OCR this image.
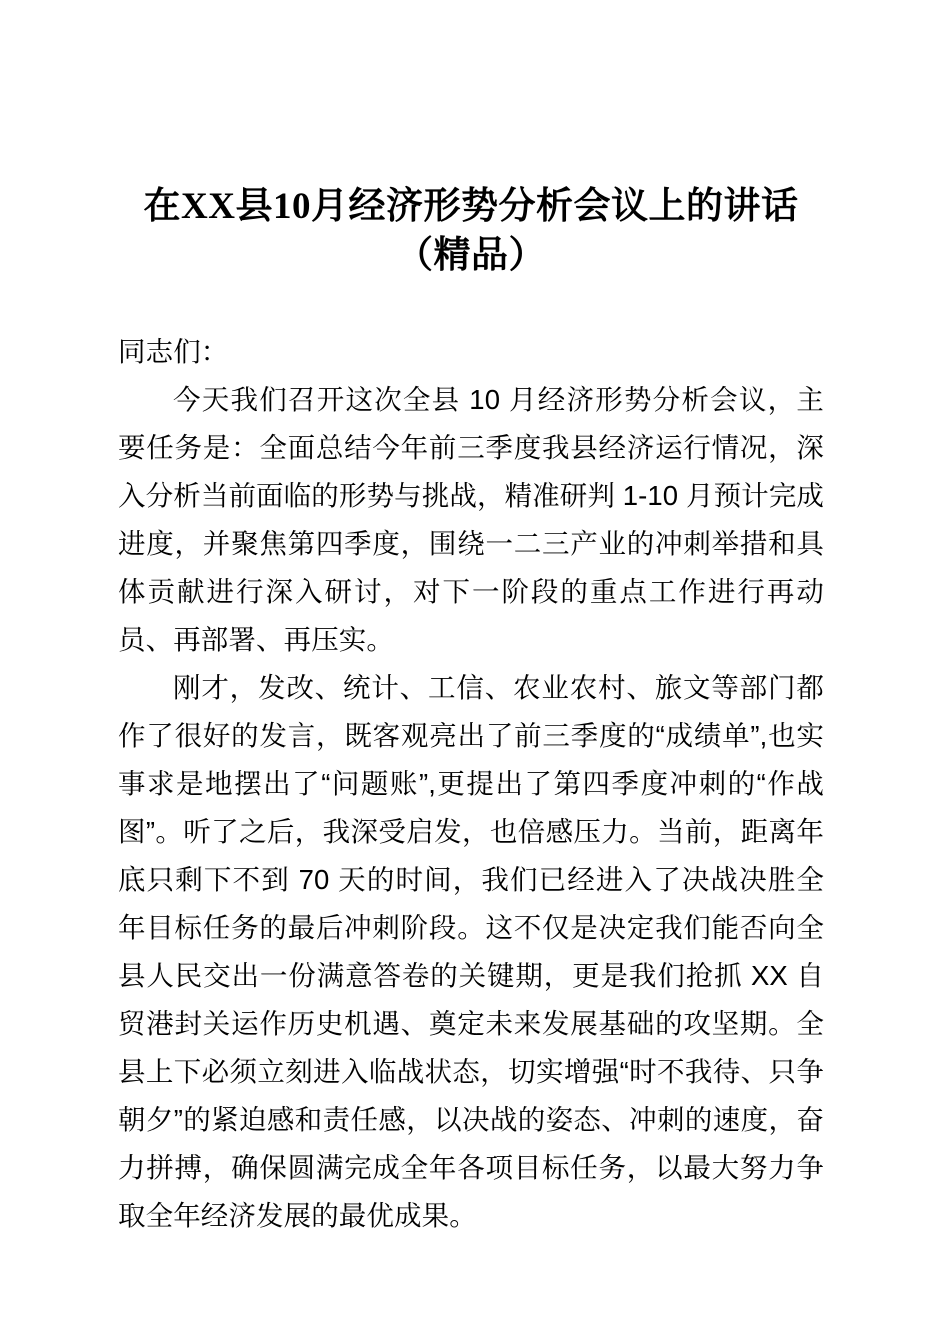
在XX县10月经济形势分析会议上的讲话
（精品）

同志们：

今天我们召开这次全县 10 月经济形势分析会议，主要任务是：全面总结今年前三季度我县经济运行情况，深入分析当前面临的形势与挑战，精准研判 1-10 月预计完成进度，并聚焦第四季度，围绕一二三产业的冲刺举措和具体贡献进行深入研讨，对下一阶段的重点工作进行再动员、再部署、再压实。

刚才，发改、统计、工信、农业农村、旅文等部门都作了很好的发言，既客观亮出了前三季度的“成绩单”,也实事求是地摆出了“问题账”,更提出了第四季度冲刺的“作战图”。听了之后，我深受启发，也倍感压力。当前，距离年底只剩下不到 70 天的时间，我们已经进入了决战决胜全年目标任务的最后冲刺阶段。这不仅是决定我们能否向全县人民交出一份满意答卷的关键期，更是我们抢抓 XX 自贸港封关运作历史机遇、奠定未来发展基础的攻坚期。全县上下必须立刻进入临战状态，切实增强“时不我待、只争朝夕”的紧迫感和责任感，以决战的姿态、冲刺的速度，奋力拼搏，确保圆满完成全年各项目标任务，以最大努力争取全年经济发展的最优成果。
